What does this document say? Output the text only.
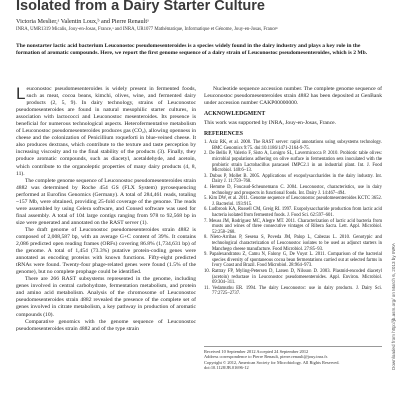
Isolated from a Dairy Starter Culture
Victoria Meslier,ᵃ Valentin Loux,ᵇ and Pierre Renaultᵃ
INRA, UMR1319 Micalis, Jouy-en-Josas, France,ᵃ and INRA, UR1077 Mathématique, Informatique et Génome, Jouy-en-Josas, Franceᵇ
The nonstarter lactic acid bacterium Leuconostoc pseudomesenteroides is a species widely found in the dairy industry and plays a key role in the formation of aromatic compounds. Here, we report the first genome sequence of a dairy strain of Leuconostoc pseudomesenteroides, which is 2 Mb.

Leuconostoc pseudomesenteroides is widely present in fermented foods, such as meat, cocoa beans, kimchi, olives, wine, and fermented dairy products (2, 5, 9). In dairy technology, strains of Leuconostoc pseudomesenteroides are found in natural mesophilic starter cultures, in association with lactococci and Leuconostoc mesenteroides. Its presence is beneficial for numerous technological aspects. Heterofermentative metabolism of Leuconostoc pseudomesenteroides produces gas (CO₂), allowing openness in cheese and the colonization of Penicillium roqueforti in blue-veined cheese. It also produces dextrans, which contribute to the texture and taste perception by increasing viscosity and to the final stability of the products (3). Finally, they produce aromatic compounds, such as diacetyl, acetaldehyde, and acetoin, which contribute to the organoleptic properties of many dairy products (4, 8, 11).

The complete genome sequence of Leuconostoc pseudomesenteroides strain 4882 was determined by Roche 454 GS (FLX System) pyrosequencing performed at Eurofins Genomics (Germany). A total of 284,461 reads, totaling ~157 Mb, were obtained, providing 25-fold coverage of the genome. The reads were assembled by using Celera software, and Consed software was used for final assembly. A total of 104 large contigs ranging from 978 to 92,568 bp in size were generated and annotated on the RAST server (1).

The draft genome of Leuconostoc pseudomesenteroides strain 4882 is composed of 2,008,587 bp, with an average G+C content of 39%. It contains 2,086 predicted open reading frames (ORFs) covering 86.8% (1,734,631 bp) of the genome. A total of 1,454 (73.3%) putative protein-coding genes were annotated as encoding proteins with known functions. Fifty-eight predicted tRNAs were found. Twenty-four phage-related genes were found (1.5% of the genome), but no complete prophage could be identified.

There are 266 RAST subsystems represented in the genome, including genes involved in central carbohydrate, fermentation metabolism, and protein and amino acid metabolism. Analysis of the chromosome of Leuconostoc pseudomesenteroides strain 4882 revealed the presence of the complete set of genes involved in citrate metabolism, a key pathway in production of aromatic compounds (10).

Comparative genomics with the genome sequence of Leuconostoc pseudomesenteroides strain 4882 and of the type strain

Nucleotide sequence accession number. The complete genome sequence of Leuconostoc pseudomesenteroides strain 4882 has been deposited at GenBank under accession number CAKP00000000.

ACKNOWLEDGMENT

This work was supported by INRA, Jouy-en-Josas, France.

REFERENCES
1. Aziz RK, et al. 2008. The RAST server: rapid annotations using subsystems technology. BMC Genomics 9:75. doi:10.1186/1471-2164-9-75.
2. De Bellis P, Valerio F, Sisto A, Lonigro SL, Lavermicocca P. 2010. Probiotic table olives: microbial populations adhering on olive surface in fermentation sets inoculated with the probiotic strain Lactobacillus paracasei IMPC2.1 in an industrial plant. Int. J. Food Microbiol. 140:6–13.
3. Dubus P, Mollet B. 2005. Applications of exopolysaccharides in the dairy industry. Int. Dairy J. 11:759–768.
4. Hemme D, Foucaud-Scheunemann C. 2004. Leuconostoc, characteristics, use in dairy technology and prospects in functional foods. Int. Dairy J. 14:467–494.
5. Kim DW, et al. 2011. Genome sequence of Leuconostoc pseudomesenteroides KCTC 3652. J. Bacteriol. 193:915.
6. Ludbrook KA, Russell CM, Greig RI. 1997. Exopolysaccharide production from lactic acid bacteria isolated from fermented foods. J. Food Sci. 62:597–601.
7. Meuss JM, Rodriguez MC, Alegre MT. 2011. Characterization of lactic acid bacteria from musts and wines of three consecutive vintages of Ribera Sacra. Lett. Appl. Microbiol. 52:258–268.
8. Nieto-Arribas P, Sesena S, Poveda JM, Palop L, Cabezas L. 2010. Genotypic and technological characterization of Leuconostoc isolates to be used as adjunct starters in Manchego cheese manufacture. Food Microbiol. 27:85–93.
9. Papalexandratou Z, Camu N, Falony G, De Vuyst L. 2011. Comparison of the bacterial species diversity of spontaneous cocoa bean fermentations carried out at selected farms in Ivory Coast and Brazil. Food Microbiol. 28:964–973.
10. Rattray FP, Myling-Petersen D, Larsen D, Nilsson D. 2003. Plasmid-encoded diacetyl (acetoin) reductase in Leuconostoc pseudomesenteroides. Appl. Environ. Microbiol. 69:304–311.
11. Vedamuthu ER. 1994. The dairy Leuconostoc: use in dairy products. J. Dairy Sci. 77:2725–2737.
Received 10 September 2012 Accepted 24 September 2012
Address correspondence to Pierre Renault, pierre.renault@jouy.inra.fr.
Copyright © 2012, American Society for Microbiology. All Rights Reserved.
doi:10.1128/JB.01696-12	Downloaded from http://jb.asm.org/ on March 6, 2013 by INRA
